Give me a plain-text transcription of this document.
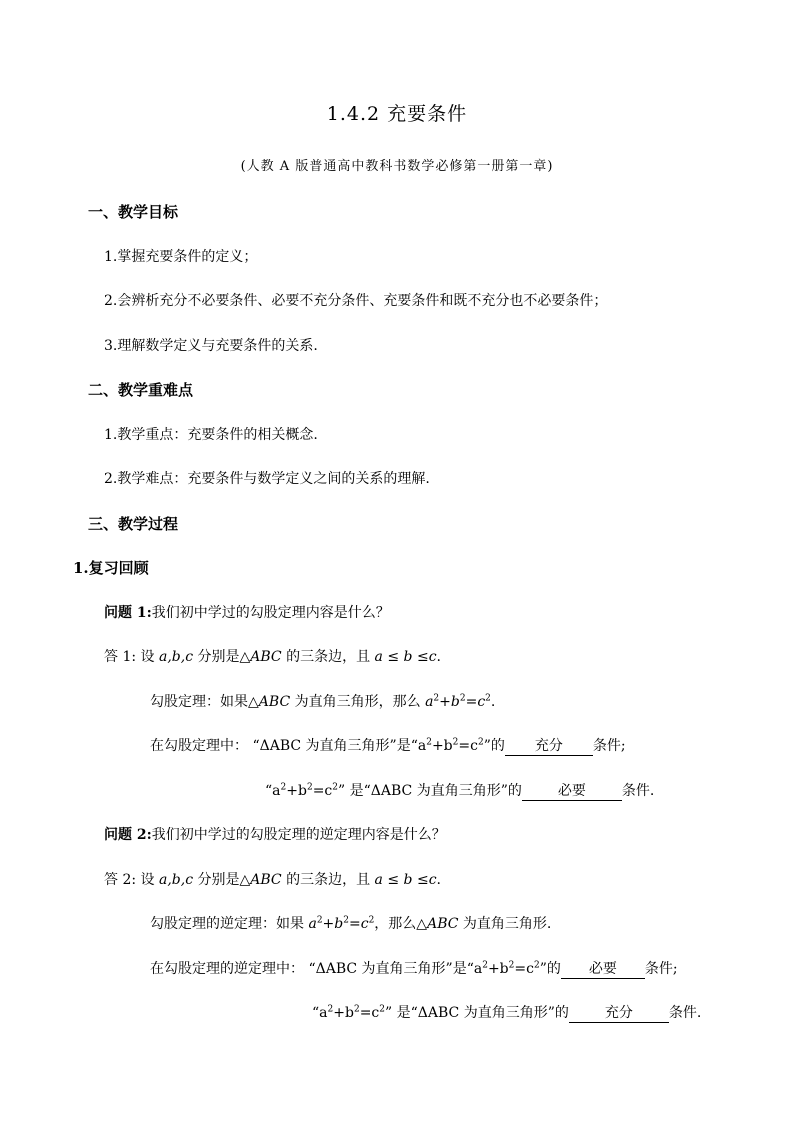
1.4.2 充要条件
(人教 A 版普通高中教科书数学必修第一册第一章)
一、教学目标
1.掌握充要条件的定义；
2.会辨析充分不必要条件、必要不充分条件、充要条件和既不充分也不必要条件；
3.理解数学定义与充要条件的关系.
二、教学重难点
1.教学重点：充要条件的相关概念.
2.教学难点：充要条件与数学定义之间的关系的理解.
三、教学过程
1.复习回顾
问题 1:我们初中学过的勾股定理内容是什么？
答 1: 设 a,b,c 分别是△ABC 的三条边，且 a ≤ b ≤c.
勾股定理：如果△ABC 为直角三角形，那么 $a^2+b^2=c^2$.
在勾股定理中： “ΔABC 为直角三角形”是“$a^2+b^2=c^2$”的 充分 条件;
“$a^2+b^2=c^2$” 是“ΔABC 为直角三角形”的	必要	条件.
问题 2:我们初中学过的勾股定理的逆定理内容是什么？
答 2: 设 a,b,c 分别是△ABC 的三条边，且 a ≤ b ≤c.
勾股定理的逆定理：如果 $a^2+b^2=c^2$，那么△ABC 为直角三角形.
在勾股定理的逆定理中： “ΔABC 为直角三角形”是“$a^2+b^2=c^2$”的 必要 条件;
“$a^2+b^2=c^2$” 是“ΔABC 为直角三角形”的	充分	条件.
